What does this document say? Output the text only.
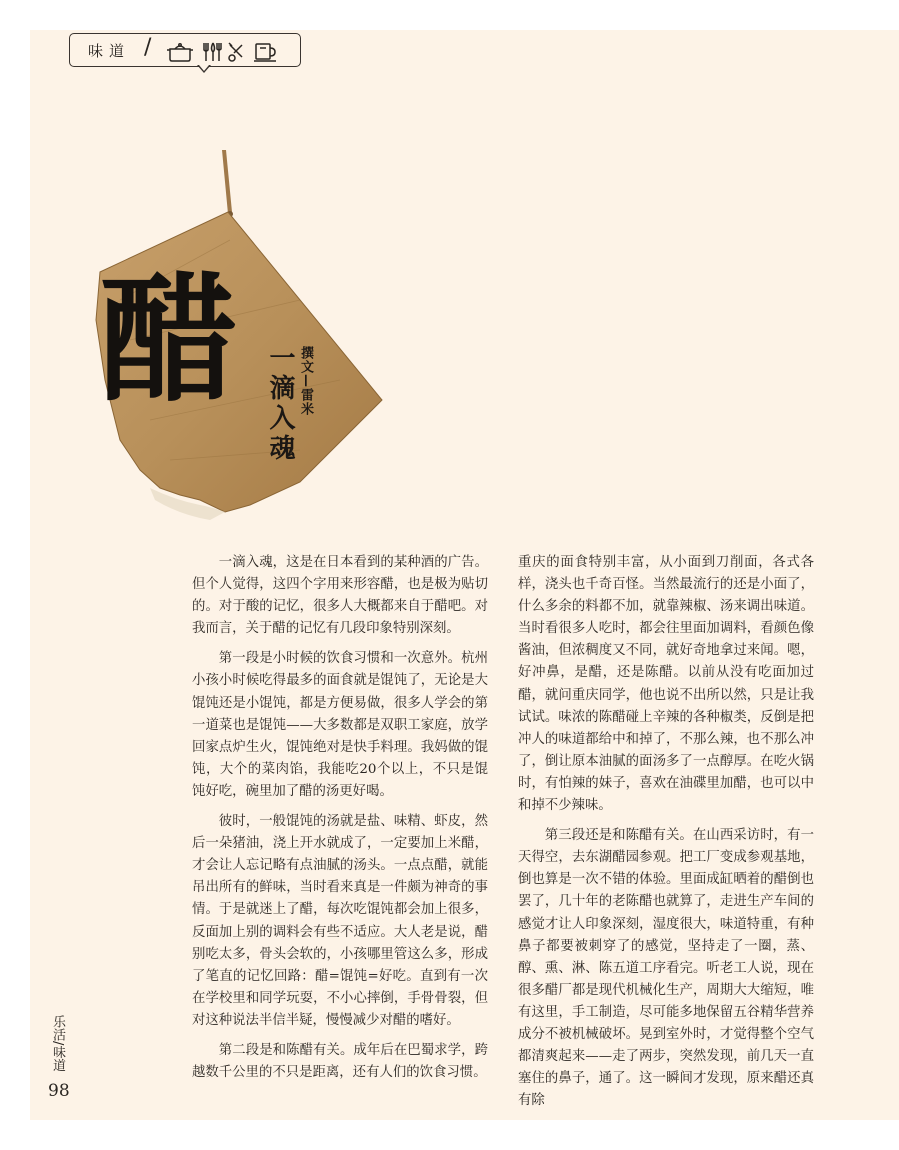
味道 /
醋 一滴入魂 撰文—雷米

一滴入魂，这是在日本看到的某种酒的广告。但个人觉得，这四个字用来形容醋，也是极为贴切的。对于酸的记忆，很多人大概都来自于醋吧。对我而言，关于醋的记忆有几段印象特别深刻。

第一段是小时候的饮食习惯和一次意外。杭州小孩小时候吃得最多的面食就是馄饨了，无论是大馄饨还是小馄饨，都是方便易做，很多人学会的第一道菜也是馄饨——大多数都是双职工家庭，放学回家点炉生火，馄饨绝对是快手料理。我妈做的馄饨，大个的菜肉馅，我能吃20个以上，不只是馄饨好吃，碗里加了醋的汤更好喝。

彼时，一般馄饨的汤就是盐、味精、虾皮，然后一朵猪油，浇上开水就成了，一定要加上米醋，才会让人忘记略有点油腻的汤头。一点点醋，就能吊出所有的鲜味，当时看来真是一件颇为神奇的事情。于是就迷上了醋，每次吃馄饨都会加上很多，反面加上别的调料会有些不适应。大人老是说，醋别吃太多，骨头会软的，小孩哪里管这么多，形成了笔直的记忆回路：醋=馄饨=好吃。直到有一次在学校里和同学玩耍，不小心摔倒，手骨骨裂，但对这种说法半信半疑，慢慢减少对醋的嗜好。

第二段是和陈醋有关。成年后在巴蜀求学，跨越数千公里的不只是距离，还有人们的饮食习惯。

重庆的面食特别丰富，从小面到刀削面，各式各样，浇头也千奇百怪。当然最流行的还是小面了，什么多余的料都不加，就靠辣椒、汤来调出味道。当时看很多人吃时，都会往里面加调料，看颜色像酱油，但浓稠度又不同，就好奇地拿过来闻。嗯，好冲鼻，是醋，还是陈醋。以前从没有吃面加过醋，就问重庆同学，他也说不出所以然，只是让我试试。味浓的陈醋碰上辛辣的各种椒类，反倒是把冲人的味道都给中和掉了，不那么辣，也不那么冲了，倒让原本油腻的面汤多了一点醇厚。在吃火锅时，有怕辣的妹子，喜欢在油碟里加醋，也可以中和掉不少辣味。

第三段还是和陈醋有关。在山西采访时，有一天得空，去东湖醋园参观。把工厂变成参观基地，倒也算是一次不错的体验。里面成缸晒着的醋倒也罢了，几十年的老陈醋也就算了，走进生产车间的感觉才让人印象深刻，湿度很大，味道特重，有种鼻子都要被刺穿了的感觉，坚持走了一圈，蒸、醇、熏、淋、陈五道工序看完。听老工人说，现在很多醋厂都是现代机械化生产，周期大大缩短，唯有这里，手工制造，尽可能多地保留五谷精华营养成分不被机械破坏。晃到室外时，才觉得整个空气都清爽起来——走了两步，突然发现，前几天一直塞住的鼻子，通了。这一瞬间才发现，原来醋还真有除

乐活/味道
98
